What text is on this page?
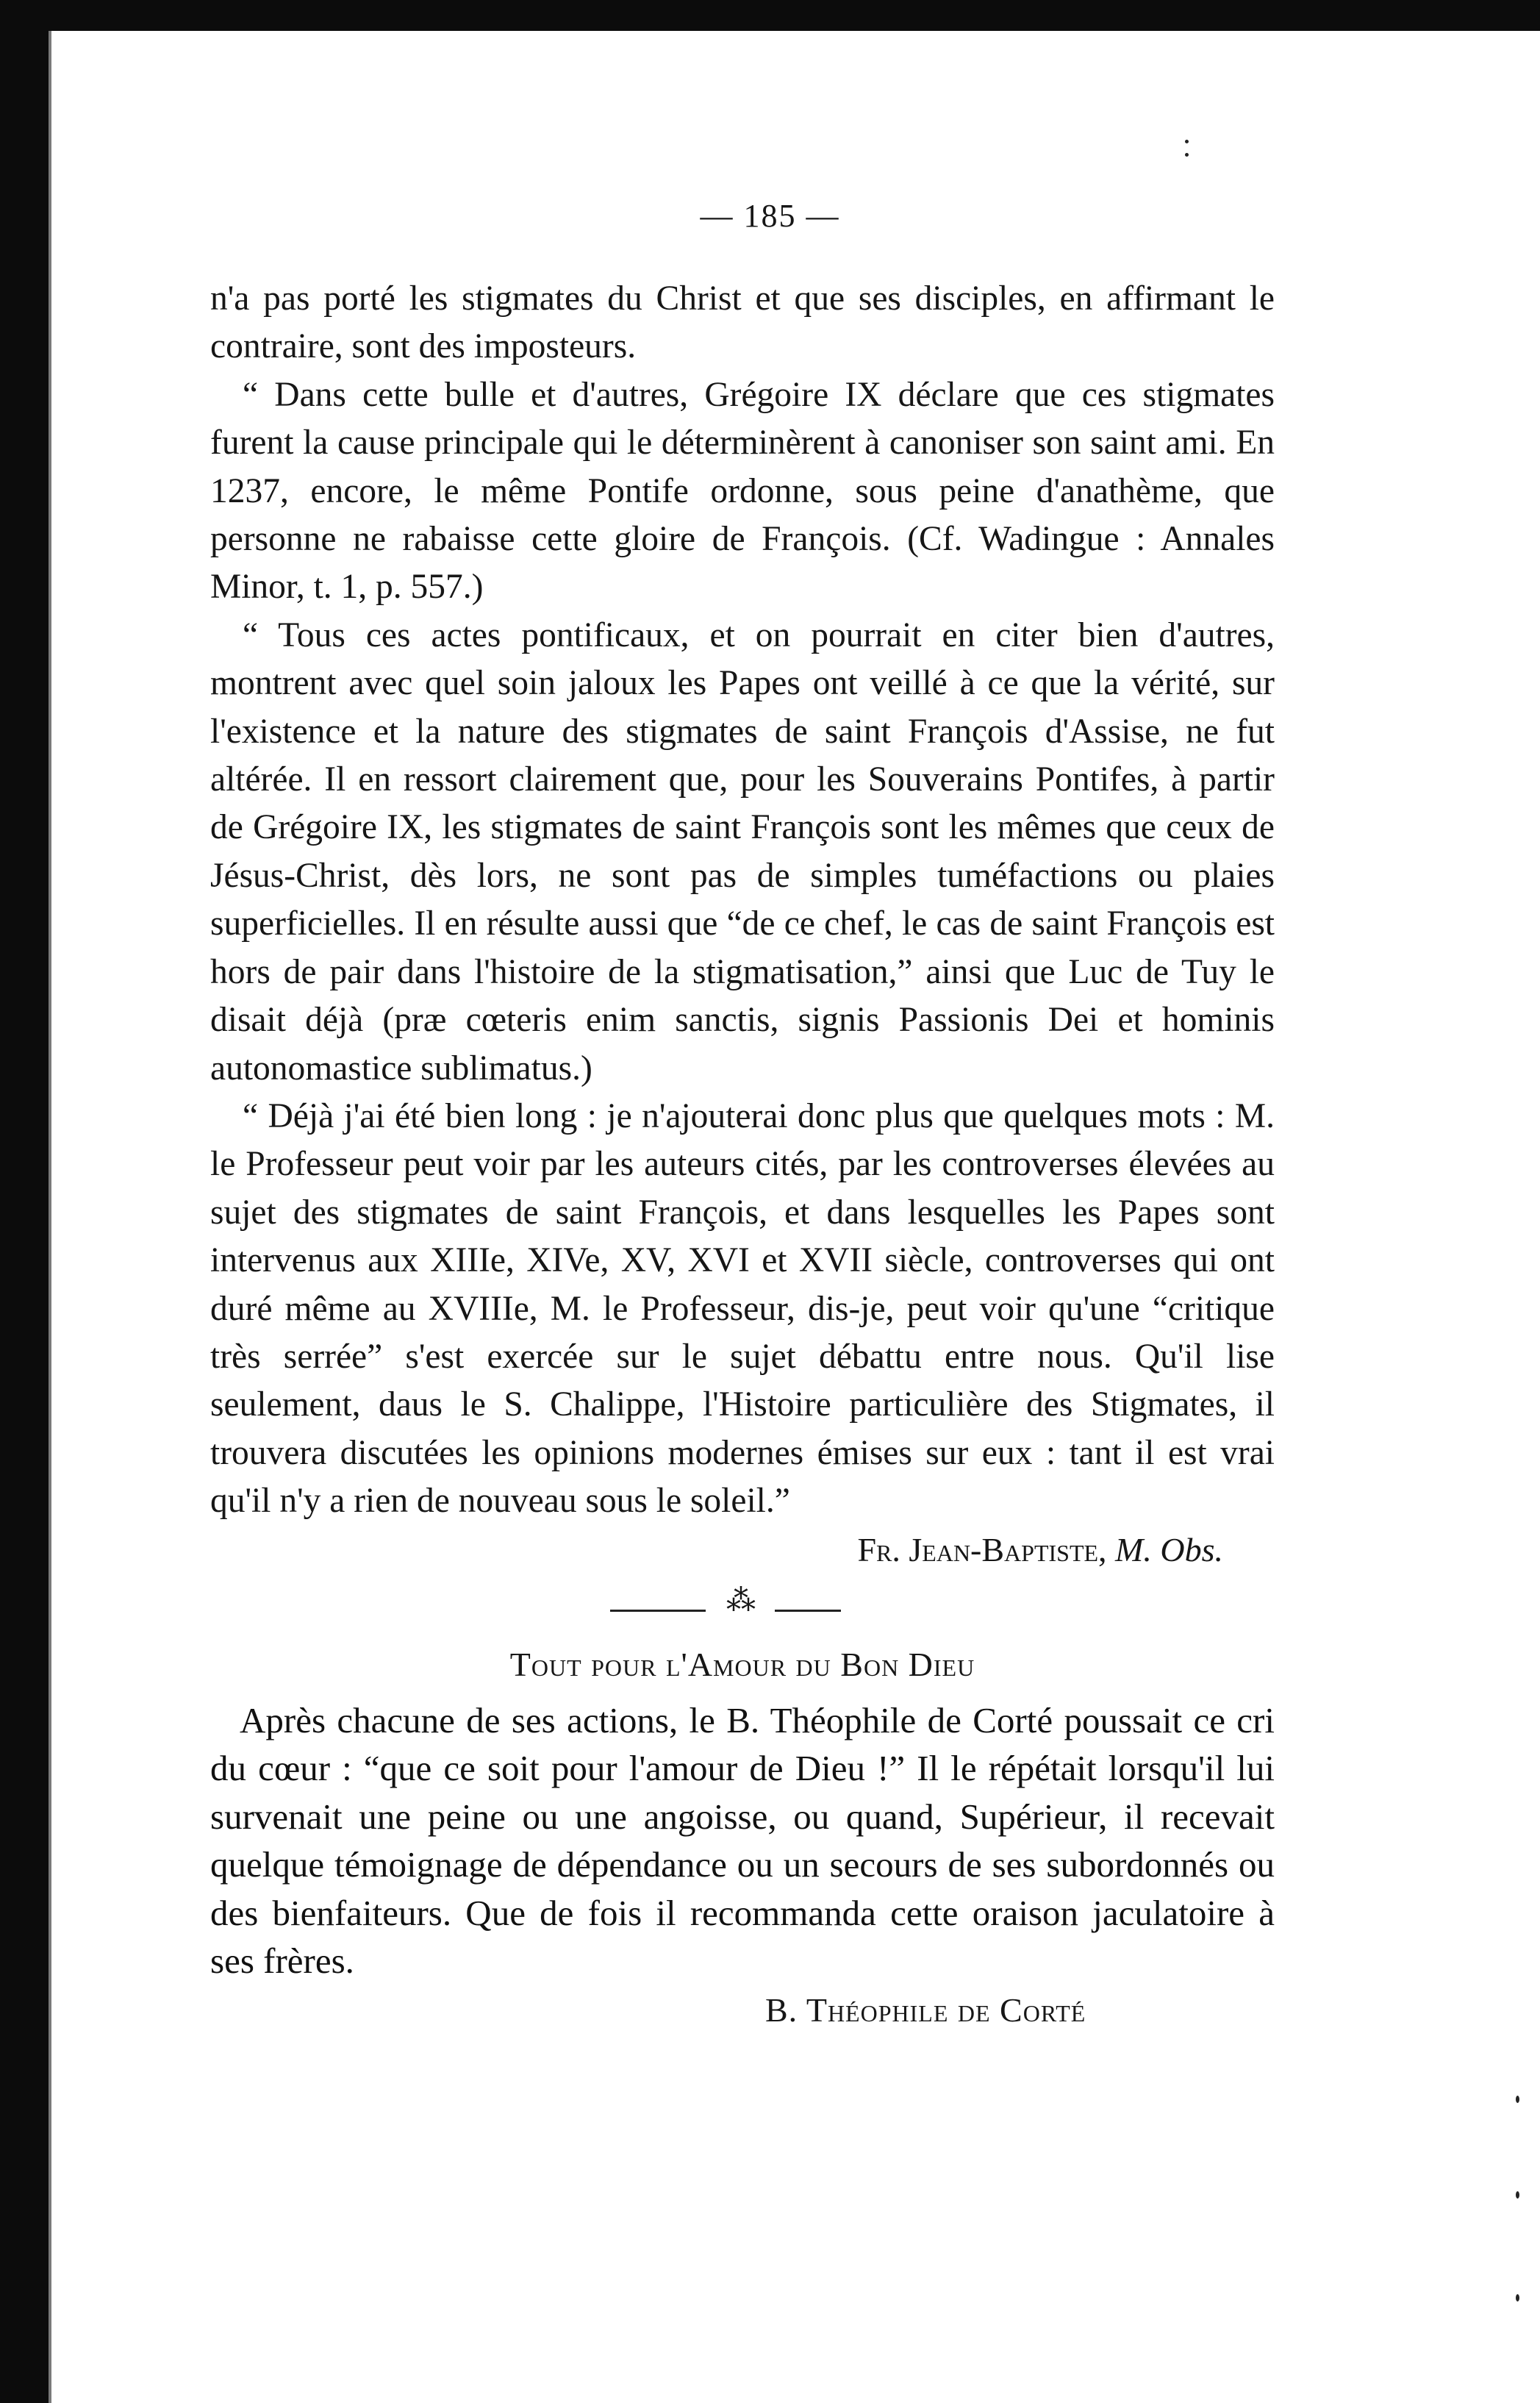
— 185 —

n'a pas porté les stigmates du Christ et que ses disciples, en affirmant le contraire, sont des imposteurs.

“ Dans cette bulle et d'autres, Grégoire IX déclare que ces stigmates furent la cause principale qui le déterminèrent à canoniser son saint ami. En 1237, encore, le même Pontife ordonne, sous peine d'anathème, que personne ne rabaisse cette gloire de François. (Cf. Wadingue : Annales Minor, t. 1, p. 557.)

“ Tous ces actes pontificaux, et on pourrait en citer bien d'autres, montrent avec quel soin jaloux les Papes ont veillé à ce que la vérité, sur l'existence et la nature des stigmates de saint François d'Assise, ne fut altérée. Il en ressort clairement que, pour les Souverains Pontifes, à partir de Grégoire IX, les stigmates de saint François sont les mêmes que ceux de Jésus-Christ, dès lors, ne sont pas de simples tuméfactions ou plaies superficielles. Il en résulte aussi que “de ce chef, le cas de saint François est hors de pair dans l'histoire de la stigmatisation,” ainsi que Luc de Tuy le disait déjà (præ cœteris enim sanctis, signis Passionis Dei et hominis autonomastice sublimatus.)

“ Déjà j'ai été bien long : je n'ajouterai donc plus que quelques mots : M. le Professeur peut voir par les auteurs cités, par les controverses élevées au sujet des stigmates de saint François, et dans lesquelles les Papes sont intervenus aux XIIIe, XIVe, XV, XVI et XVII siècle, controverses qui ont duré même au XVIIIe, M. le Professeur, dis-je, peut voir qu'une “critique très serrée” s'est exercée sur le sujet débattu entre nous. Qu'il lise seulement, daus le S. Chalippe, l'Histoire particulière des Stigmates, il trouvera discutées les opinions modernes émises sur eux : tant il est vrai qu'il n'y a rien de nouveau sous le soleil.”

Fr. Jean-Baptiste, M. Obs.

⁂

Tout pour l'Amour du Bon Dieu

Après chacune de ses actions, le B. Théophile de Corté poussait ce cri du cœur : “que ce soit pour l'amour de Dieu !” Il le répétait lorsqu'il lui survenait une peine ou une angoisse, ou quand, Supérieur, il recevait quelque témoignage de dépendance ou un secours de ses subordonnés ou des bienfaiteurs. Que de fois il recommanda cette oraison jaculatoire à ses frères.

B. Théophile de Corté
